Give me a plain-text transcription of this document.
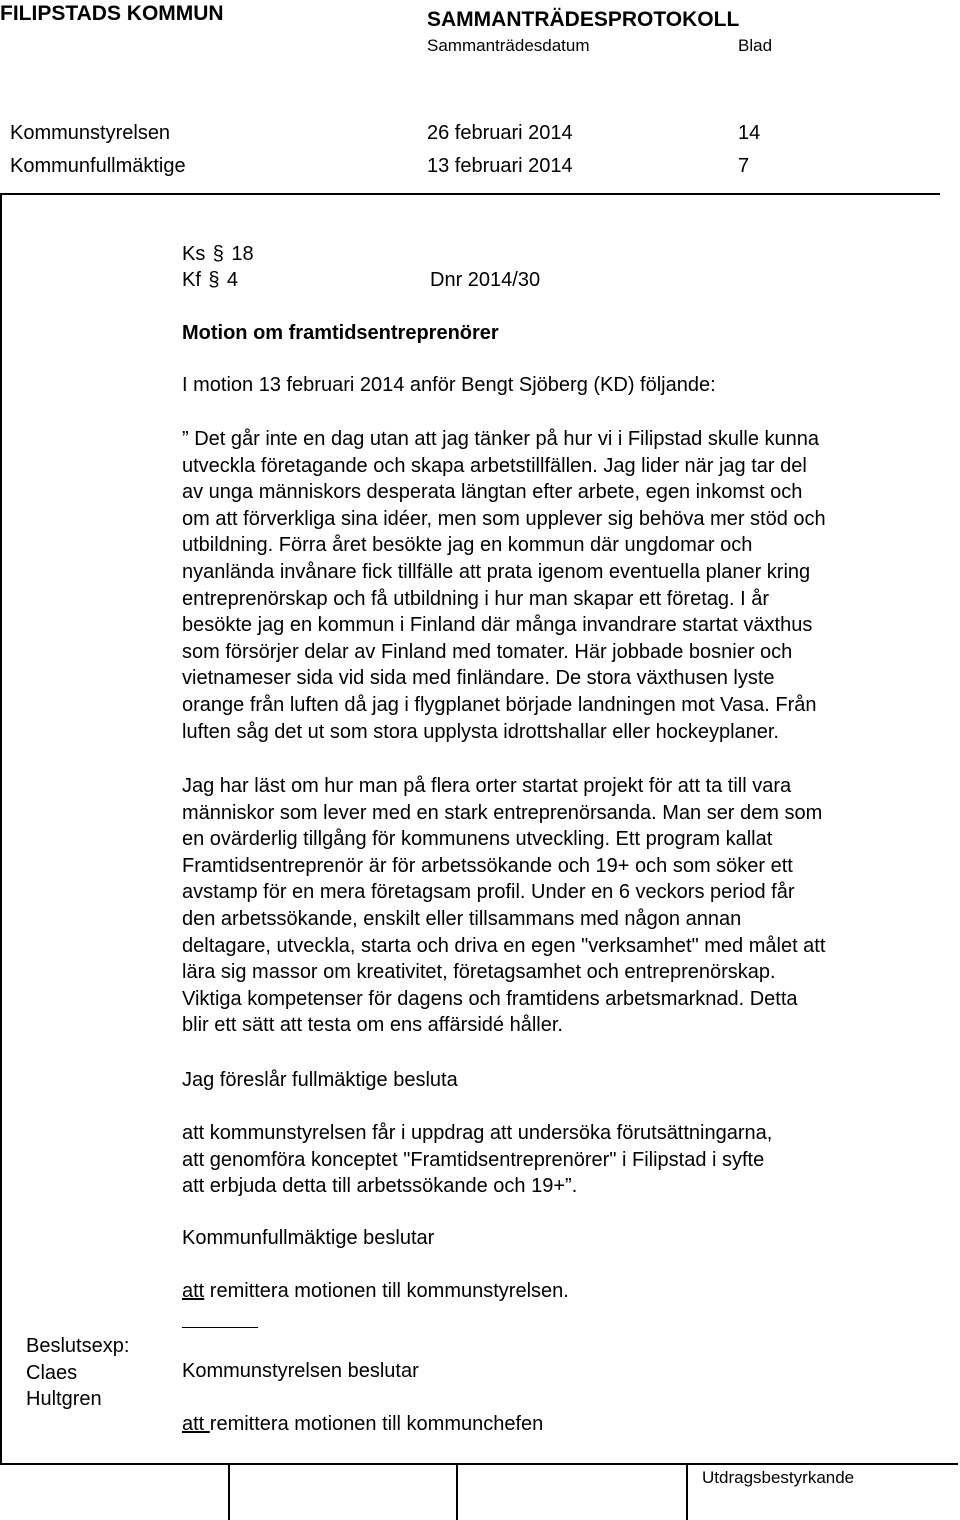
FILIPSTADS KOMMUN	SAMMANTRÄDESPROTOKOLL
Sammanträdesdatum	Blad
Kommunstyrelsen	26 februari 2014	14
Kommunfullmäktige	13 februari 2014	7
Utdragsbestyrkande
Ks § 18
Kf § 4	Dnr 2014/30
Motion om framtidsentreprenörer
I motion 13 februari 2014 anför Bengt Sjöberg (KD) följande:
” Det går inte en dag utan att jag tänker på hur vi i Filipstad skulle kunna
utveckla företagande och skapa arbetstillfällen. Jag lider när jag tar del
av unga människors desperata längtan efter arbete, egen inkomst och
om att förverkliga sina idéer, men som upplever sig behöva mer stöd och
utbildning. Förra året besökte jag en kommun där ungdomar och
nyanlända invånare fick tillfälle att prata igenom eventuella planer kring
entreprenörskap och få utbildning i hur man skapar ett företag. I år
besökte jag en kommun i Finland där många invandrare startat växthus
som försörjer delar av Finland med tomater. Här jobbade bosnier och
vietnameser sida vid sida med finländare. De stora växthusen lyste
orange från luften då jag i flygplanet började landningen mot Vasa. Från
luften såg det ut som stora upplysta idrottshallar eller hockeyplaner.
Jag har läst om hur man på flera orter startat projekt för att ta till vara
människor som lever med en stark entreprenörsanda. Man ser dem som
en ovärderlig tillgång för kommunens utveckling. Ett program kallat
Framtidsentreprenör är för arbetssökande och 19+ och som söker ett
avstamp för en mera företagsam profil. Under en 6 veckors period får
den arbetssökande, enskilt eller tillsammans med någon annan
deltagare, utveckla, starta och driva en egen "verksamhet" med målet att
lära sig massor om kreativitet, företagsamhet och entreprenörskap.
Viktiga kompetenser för dagens och framtidens arbetsmarknad. Detta
blir ett sätt att testa om ens affärsidé håller.
Jag föreslår fullmäktige besluta
att kommunstyrelsen får i uppdrag att undersöka förutsättningarna,
att genomföra konceptet "Framtidsentreprenörer" i Filipstad i syfte
att erbjuda detta till arbetssökande och 19+”.
Kommunfullmäktige beslutar
att remittera motionen till kommunstyrelsen.
Beslutsexp:
Claes
Hultgren
Kommunstyrelsen beslutar
att remittera motionen till kommunchefen
